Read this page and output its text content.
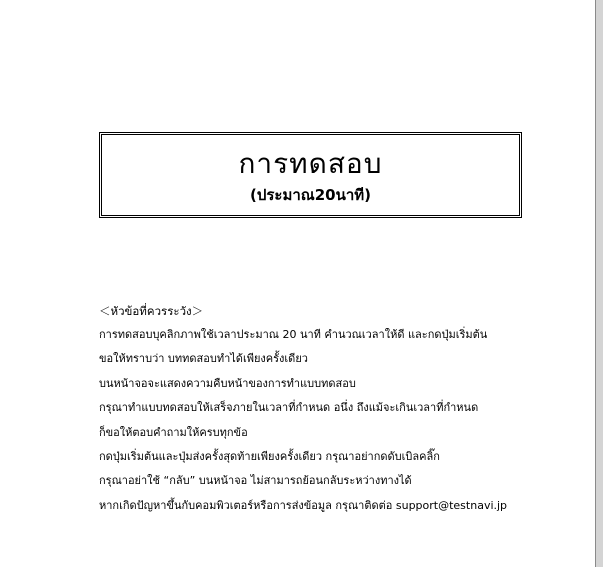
การทดสอบ
(ประมาณ20นาที)
＜หัวข้อที่ควรระวัง＞
การทดสอบบุคลิกภาพใช้เวลาประมาณ 20 นาที คำนวณเวลาให้ดี และกดปุ่มเริ่มต้น
ขอให้ทราบว่า บททดสอบทำได้เพียงครั้งเดียว
บนหน้าจอจะแสดงความคืบหน้าของการทำแบบทดสอบ
กรุณาทำแบบทดสอบให้เสร็จภายในเวลาที่กำหนด อนึ่ง ถึงแม้จะเกินเวลาที่กำหนด
ก็ขอให้ตอบคำถามให้ครบทุกข้อ
กดปุ่มเริ่มต้นและปุ่มส่งครั้งสุดท้ายเพียงครั้งเดียว กรุณาอย่ากดดับเบิลคลิ๊ก
กรุณาอย่าใช้ “กลับ” บนหน้าจอ ไม่สามารถย้อนกลับระหว่างทางได้
หากเกิดปัญหาขึ้นกับคอมพิวเตอร์หรือการส่งข้อมูล กรุณาติดต่อ support@testnavi.jp
